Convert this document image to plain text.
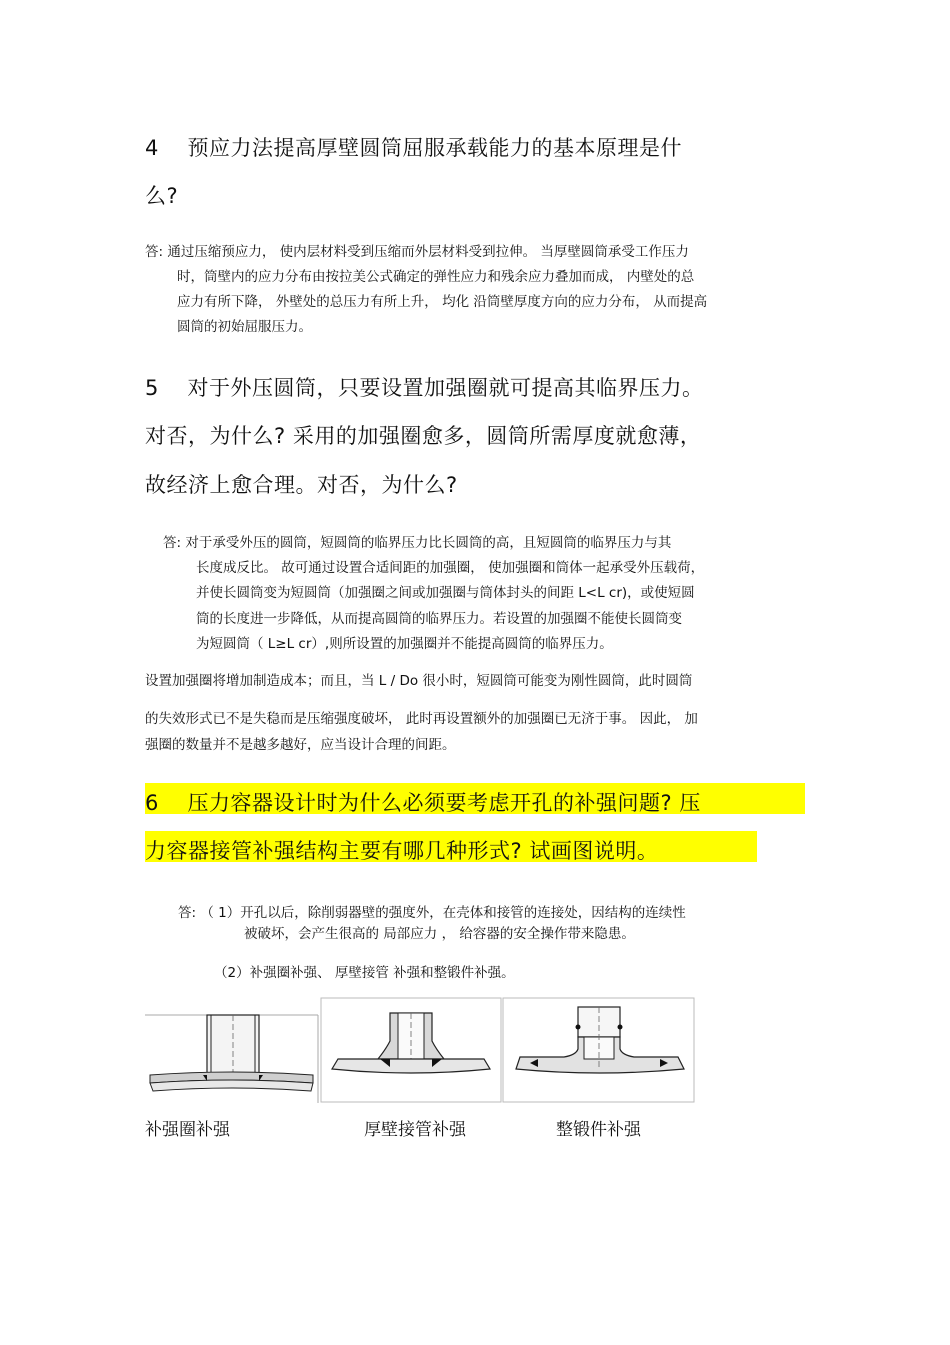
4　 预应力法提高厚壁圆筒屈服承载能力的基本原理是什
么?
答: 通过压缩预应力， 使内层材料受到压缩而外层材料受到拉伸。 当厚壁圆筒承受工作压力
时，筒壁内的应力分布由按拉美公式确定的弹性应力和残余应力叠加而成， 内壁处的总
应力有所下降， 外壁处的总压力有所上升， 均化 沿筒壁厚度方向的应力分布， 从而提高
圆筒的初始屈服压力。
5　 对于外压圆筒，只要设置加强圈就可提高其临界压力。
对否，为什么? 采用的加强圈愈多，圆筒所需厚度就愈薄，
故经济上愈合理。对否，为什么?
答: 对于承受外压的圆筒，短圆筒的临界压力比长圆筒的高，且短圆筒的临界压力与其
长度成反比。 故可通过设置合适间距的加强圈， 使加强圈和筒体一起承受外压载荷，
并使长圆筒变为短圆筒（加强圈之间或加强圈与筒体封头的间距 L<L cr)，或使短圆
筒的长度进一步降低，从而提高圆筒的临界压力。若设置的加强圈不能使长圆筒变
为短圆筒（ L≥L cr）,则所设置的加强圈并不能提高圆筒的临界压力。
设置加强圈将增加制造成本；而且，当 L / Do 很小时，短圆筒可能变为刚性圆筒，此时圆筒
的失效形式已不是失稳而是压缩强度破坏， 此时再设置额外的加强圈已无济于事。 因此， 加
强圈的数量并不是越多越好，应当设计合理的间距。
6　 压力容器设计时为什么必须要考虑开孔的补强问题? 压
力容器接管补强结构主要有哪几种形式? 试画图说明。
答: （ 1）开孔以后，除削弱器壁的强度外，在壳体和接管的连接处，因结构的连续性
被破坏，会产生很高的 局部应力 ， 给容器的安全操作带来隐患。
（2）补强圈补强、 厚壁接管 补强和整锻件补强。
补强圈补强	厚壁接管补强	整锻件补强
